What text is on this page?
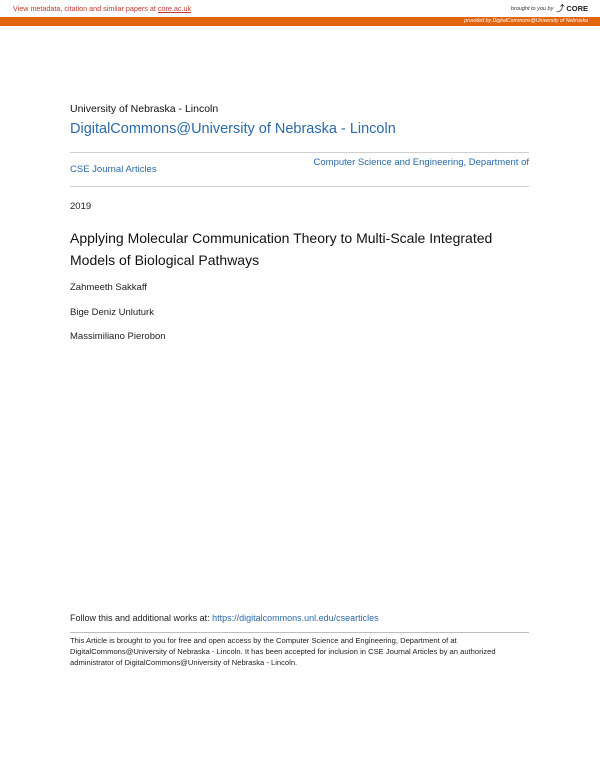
View metadata, citation and similar papers at core.ac.uk	brought to you by ⤴ CORE
provided by DigitalCommons@University of Nebraska
University of Nebraska - Lincoln
DigitalCommons@University of Nebraska - Lincoln
CSE Journal Articles
Computer Science and Engineering, Department of
2019
Applying Molecular Communication Theory to Multi-Scale Integrated Models of Biological Pathways
Zahmeeth Sakkaff
Bige Deniz Unluturk
Massimiliano Pierobon
Follow this and additional works at: https://digitalcommons.unl.edu/csearticles
This Article is brought to you for free and open access by the Computer Science and Engineering, Department of at DigitalCommons@University of Nebraska - Lincoln. It has been accepted for inclusion in CSE Journal Articles by an authorized administrator of DigitalCommons@University of Nebraska - Lincoln.
